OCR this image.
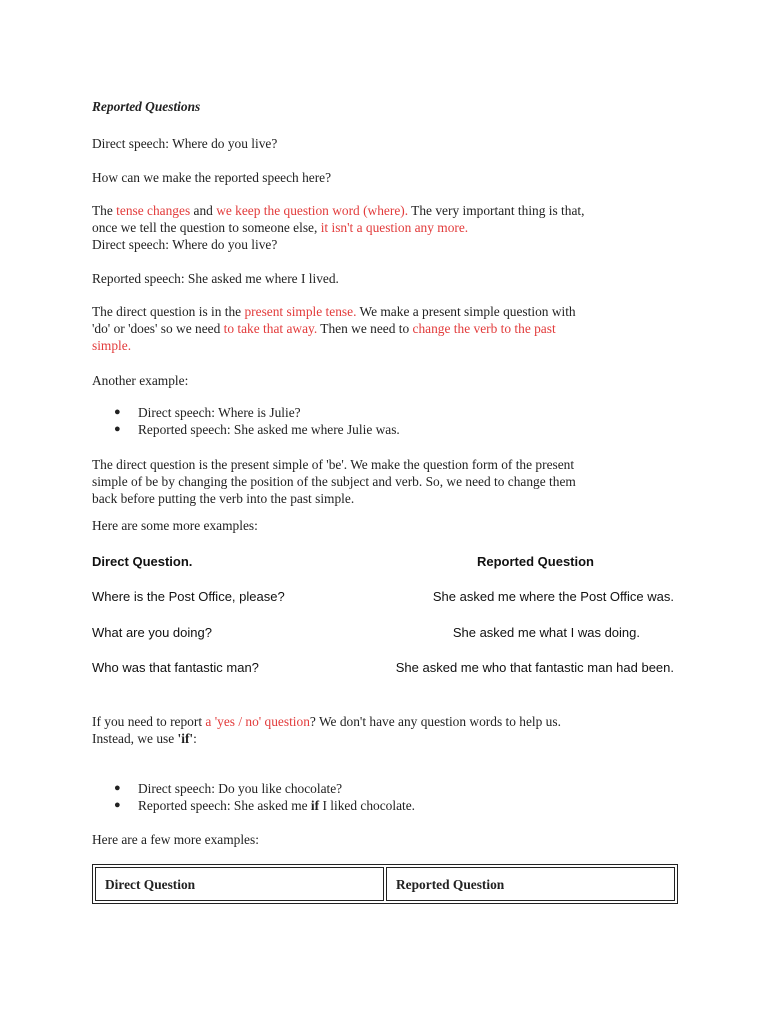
Reported Questions

Direct speech: Where do you live?

How can we make the reported speech here?

The tense changes and we keep the question word (where). The very important thing is that,
once we tell the question to someone else, it isn't a question any more.
Direct speech: Where do you live?

Reported speech: She asked me where I lived.

The direct question is in the present simple tense. We make a present simple question with
'do' or 'does' so we need to take that away. Then we need to change the verb to the past
simple.

Another example:

● Direct speech: Where is Julie?
● Reported speech: She asked me where Julie was.
The direct question is the present simple of 'be'. We make the question form of the present
simple of be by changing the position of the subject and verb. So, we need to change them
back before putting the verb into the past simple.

Here are some more examples:

Direct Question.	Reported Question
Where is the Post Office, please?	She asked me where the Post Office was.
What are you doing?	She asked me what I was doing.
Who was that fantastic man?	She asked me who that fantastic man had been.
If you need to report a 'yes / no' question? We don't have any question words to help us.
Instead, we use 'if':
● Direct speech: Do you like chocolate?
● Reported speech: She asked me if I liked chocolate.

Here are a few more examples:

Direct Question	Reported Question
